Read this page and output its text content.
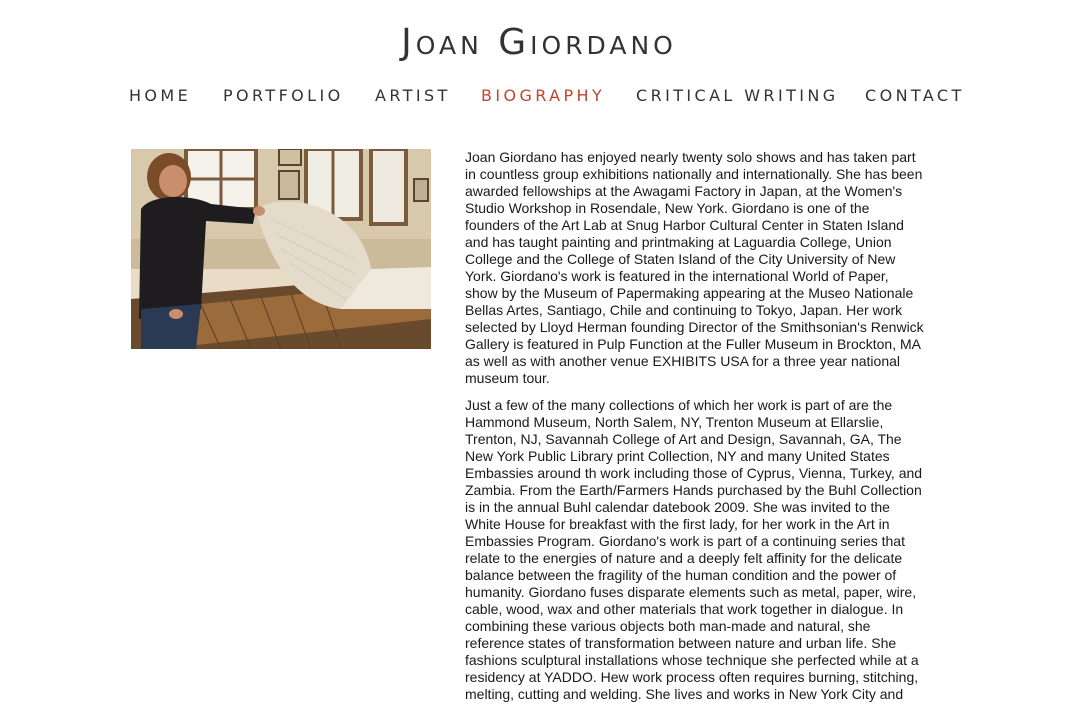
Joan Giordano
HOME PORTFOLIO ARTIST BIOGRAPHY CRITICAL WRITING CONTACT

Joan Giordano has enjoyed nearly twenty solo shows and has taken part in countless group exhibitions nationally and internationally. She has been awarded fellowships at the Awagami Factory in Japan, at the Women's Studio Workshop in Rosendale, New York. Giordano is one of the founders of the Art Lab at Snug Harbor Cultural Center in Staten Island and has taught painting and printmaking at Laguardia College, Union College and the College of Staten Island of the City University of New York. Giordano's work is featured in the international World of Paper, show by the Museum of Papermaking appearing at the Museo Nationale Bellas Artes, Santiago, Chile and continuing to Tokyo, Japan. Her work selected by Lloyd Herman founding Director of the Smithsonian's Renwick Gallery is featured in Pulp Function at the Fuller Museum in Brockton, MA as well as with another venue EXHIBITS USA for a three year national museum tour.

Just a few of the many collections of which her work is part of are the Hammond Museum, North Salem, NY, Trenton Museum at Ellarslie, Trenton, NJ, Savannah College of Art and Design, Savannah, GA, The New York Public Library print Collection, NY and many United States Embassies around th work including those of Cyprus, Vienna, Turkey, and Zambia. From the Earth/Farmers Hands purchased by the Buhl Collection is in the annual Buhl calendar datebook 2009. She was invited to the White House for breakfast with the first lady, for her work in the Art in Embassies Program. Giordano's work is part of a continuing series that relate to the energies of nature and a deeply felt affinity for the delicate balance between the fragility of the human condition and the power of humanity. Giordano fuses disparate elements such as metal, paper, wire, cable, wood, wax and other materials that work together in dialogue. In combining these various objects both man-made and natural, she reference states of transformation between nature and urban life. She fashions sculptural installations whose technique she perfected while at a residency at YADDO. Hew work process often requires burning, stitching, melting, cutting and welding. She lives and works in New York City and
